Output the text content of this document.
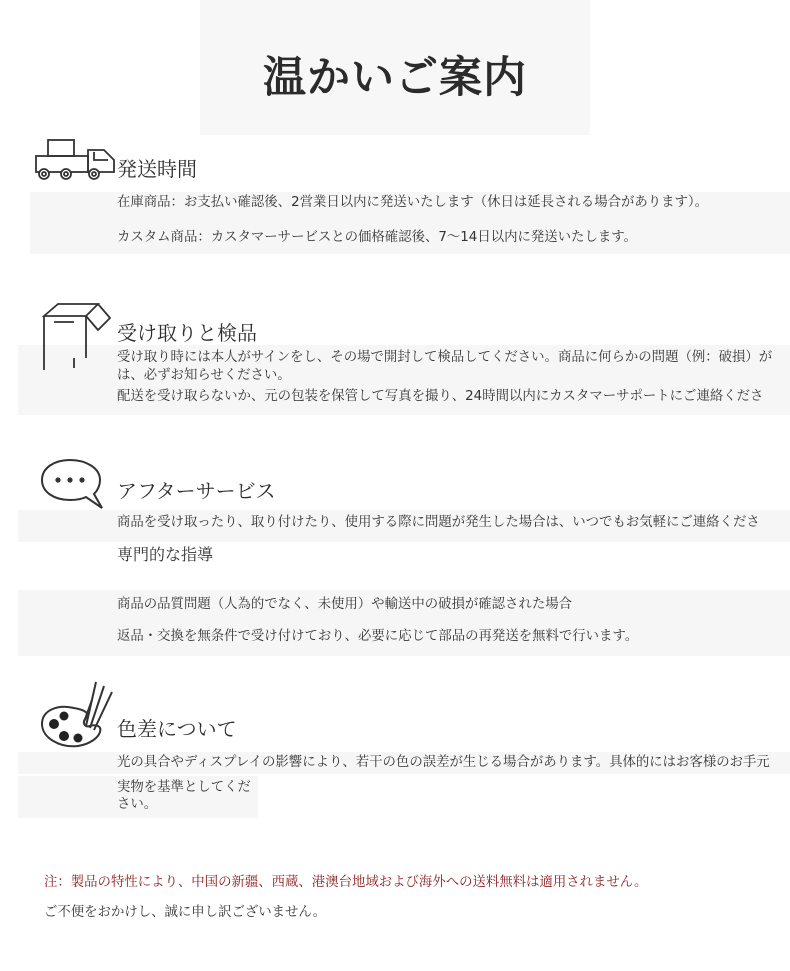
温かいご案内
発送時間
在庫商品：お支払い確認後、2営業日以内に発送いたします（休日は延長される場合があります）。
カスタム商品：カスタマーサービスとの価格確認後、7〜14日以内に発送いたします。
受け取りと検品
受け取り時には本人がサインをし、その場で開封して検品してください。商品に何らかの問題（例：破損）が
は、必ずお知らせください。
配送を受け取らないか、元の包装を保管して写真を撮り、24時間以内にカスタマーサポートにご連絡くださ
アフターサービス
商品を受け取ったり、取り付けたり、使用する際に問題が発生した場合は、いつでもお気軽にご連絡くださ
専門的な指導
商品の品質問題（人為的でなく、未使用）や輸送中の破損が確認された場合
返品・交換を無条件で受け付けており、必要に応じて部品の再発送を無料で行います。
色差について
光の具合やディスプレイの影響により、若干の色の誤差が生じる場合があります。具体的にはお客様のお手元
実物を基準としてくだ
さい。
注：製品の特性により、中国の新疆、西蔵、港澳台地域および海外への送料無料は適用されません。
ご不便をおかけし、誠に申し訳ございません。
